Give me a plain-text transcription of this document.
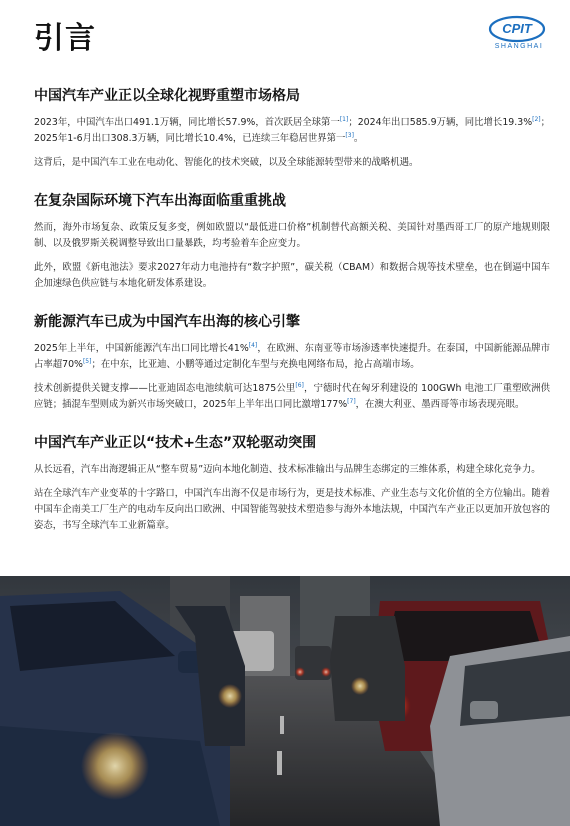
引言	CPIT
SHANGHAI
中国汽车产业正以全球化视野重塑市场格局

2023年，中国汽车出口491.1万辆，同比增长57.9%，首次跃居全球第一[1]；2024年出口585.9万辆，同比增长19.3%[2]；2025年1-6月出口308.3万辆，同比增长10.4%，已连续三年稳居世界第一[3]。

这背后，是中国汽车工业在电动化、智能化的技术突破，以及全球能源转型带来的战略机遇。

在复杂国际环境下汽车出海面临重重挑战

然而，海外市场复杂、政策反复多变，例如欧盟以“最低进口价格”机制替代高额关税、美国针对墨西哥工厂的原产地规则限制、以及俄罗斯关税调整导致出口量暴跌，均考验着车企应变力。

此外，欧盟《新电池法》要求2027年动力电池持有“数字护照”，碳关税（CBAM）和数据合规等技术壁垒，也在倒逼中国车企加速绿色供应链与本地化研发体系建设。

新能源汽车已成为中国汽车出海的核心引擎

2025年上半年，中国新能源汽车出口同比增长41%[4]，在欧洲、东南亚等市场渗透率快速提升。在泰国，中国新能源品牌市占率超70%[5]；在中东，比亚迪、小鹏等通过定制化车型与充换电网络布局，抢占高端市场。

技术创新提供关键支撑——比亚迪固态电池续航可达1875公里[6]，宁德时代在匈牙利建设的 100GWh 电池工厂重塑欧洲供应链；插混车型则成为新兴市场突破口，2025年上半年出口同比激增177%[7]，在澳大利亚、墨西哥等市场表现亮眼。

中国汽车产业正以“技术+生态”双轮驱动突围

从长远看，汽车出海逻辑正从“整车贸易”迈向本地化制造、技术标准输出与品牌生态绑定的三维体系，构建全球化竞争力。

站在全球汽车产业变革的十字路口，中国汽车出海不仅是市场行为，更是技术标准、产业生态与文化价值的全方位输出。随着中国车企南美工厂生产的电动车反向出口欧洲、中国智能驾驶技术塑造参与海外本地法规，中国汽车产业正以更加开放包容的姿态，书写全球汽车工业新篇章。
